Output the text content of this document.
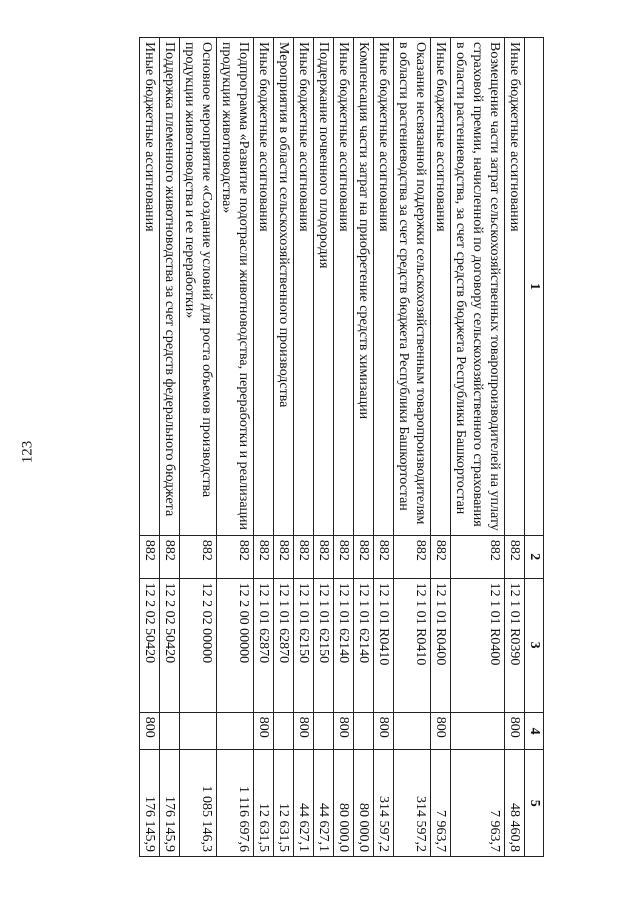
123
1	2	3	4	5
Иные бюджетные ассигнования	882	12 1 01 R0390	800	48 460,8
Возмещение части затрат сельскохозяйственных товаропроизводителей на уплату страховой премии, начисленной по договору сельскохозяйственного страхования в области растениеводства, за счет средств бюджета Республики Башкортостан	882	12 1 01 R0400		7 963,7
Иные бюджетные ассигнования	882	12 1 01 R0400	800	7 963,7
Оказание несвязанной поддержки сельскохозяйственным товаропроизводителям в области растениеводства за счет средств бюджета Республики Башкортостан	882	12 1 01 R0410		314 597,2
Иные бюджетные ассигнования	882	12 1 01 R0410	800	314 597,2
Компенсация части затрат на приобретение средств химизации	882	12 1 01 62140		80 000,0
Иные бюджетные ассигнования	882	12 1 01 62140	800	80 000,0
Поддержание почвенного плодородия	882	12 1 01 62150		44 627,1
Иные бюджетные ассигнования	882	12 1 01 62150	800	44 627,1
Мероприятия в области сельскохозяйственного производства	882	12 1 01 62870		12 631,5
Иные бюджетные ассигнования	882	12 1 01 62870	800	12 631,5
Подпрограмма «Развитие подотрасли животноводства, переработки и реализации продукции животноводства»	882	12 2 00 00000		1 116 697,6
Основное мероприятие «Создание условий для роста объемов производства продукции животноводства и ее переработки»	882	12 2 02 00000		1 085 146,3
Поддержка племенного животноводства за счет средств федерального бюджета	882	12 2 02 50420		176 145,9
Иные бюджетные ассигнования	882	12 2 02 50420	800	176 145,9
